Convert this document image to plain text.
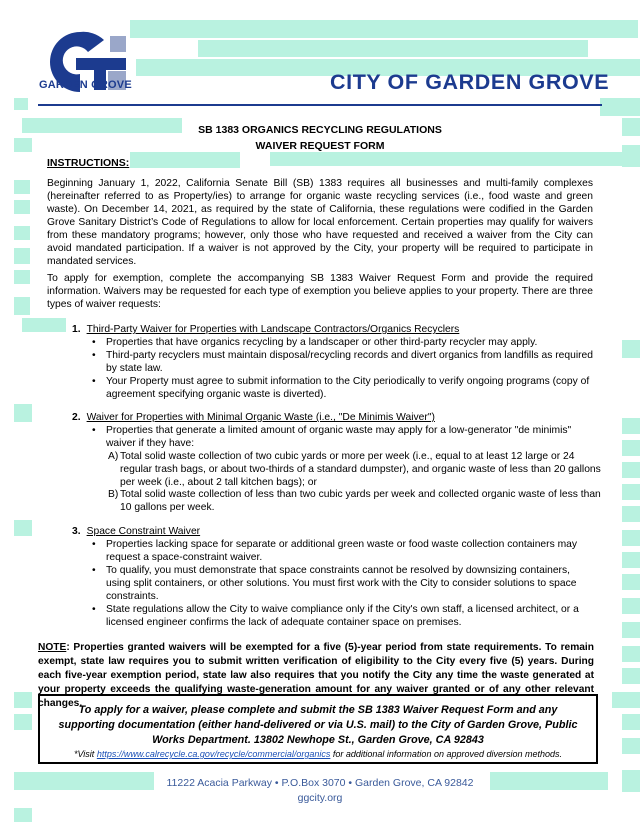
GARDEN GROVE	CITY OF GARDEN GROVE
SB 1383 ORGANICS RECYCLING REGULATIONS
WAIVER REQUEST FORM
INSTRUCTIONS:

Beginning January 1, 2022, California Senate Bill (SB) 1383 requires all businesses and multi-family complexes (hereinafter referred to as Property/ies) to arrange for organic waste recycling services (i.e., food waste and green waste). On December 14, 2021, as required by the state of California, these regulations were codified in the Garden Grove Sanitary District’s Code of Regulations to allow for local enforcement. Certain properties may qualify for waivers from these mandatory programs; however, only those who have requested and received a waiver from the City can avoid mandated participation. If a waiver is not approved by the City, your property will be required to participate in mandated services.

To apply for exemption, complete the accompanying SB 1383 Waiver Request Form and provide the required information. Waivers may be requested for each type of exemption you believe applies to your property. There are three types of waiver requests:

1. Third-Party Waiver for Properties with Landscape Contractors/Organics Recyclers
• Properties that have organics recycling by a landscaper or other third-party recycler may apply.
• Third-party recyclers must maintain disposal/recycling records and divert organics from landfills as required by state law.
• Your Property must agree to submit information to the City periodically to verify ongoing programs (copy of agreement specifying organic waste is diverted).
2. Waiver for Properties with Minimal Organic Waste (i.e., "De Minimis Waiver")
• Properties that generate a limited amount of organic waste may apply for a low-generator "de minimis" waiver if they have:
A) Total solid waste collection of two cubic yards or more per week (i.e., equal to at least 12 large or 24 regular trash bags, or about two-thirds of a standard dumpster), and organic waste of less than 20 gallons per week (i.e., about 2 tall kitchen bags); or
B) Total solid waste collection of less than two cubic yards per week and collected organic waste of less than 10 gallons per week.
3. Space Constraint Waiver
• Properties lacking space for separate or additional green waste or food waste collection containers may request a space-constraint waiver.
• To qualify, you must demonstrate that space constraints cannot be resolved by downsizing containers, using split containers, or other solutions. You must first work with the City to consider solutions to space constraints.
• State regulations allow the City to waive compliance only if the City's own staff, a licensed architect, or a licensed engineer confirms the lack of adequate container space on premises.

NOTE: Properties granted waivers will be exempted for a five (5)-year period from state requirements. To remain exempt, state law requires you to submit written verification of eligibility to the City every five (5) years. During each five-year exemption period, state law also requires that you notify the City any time the waste generated at your property exceeds the qualifying waste-generation amount for any waiver granted or of any other relevant changes.

To apply for a waiver, please complete and submit the SB 1383 Waiver Request Form and any
supporting documentation (either hand-delivered or via U.S. mail) to the City of Garden Grove, Public
Works Department. 13802 Newhope St., Garden Grove, CA 92843
*Visit https://www.calrecycle.ca.gov/recycle/commercial/organics for additional information on approved diversion methods.
11222 Acacia Parkway • P.O.Box 3070 • Garden Grove, CA 92842
ggcity.org
